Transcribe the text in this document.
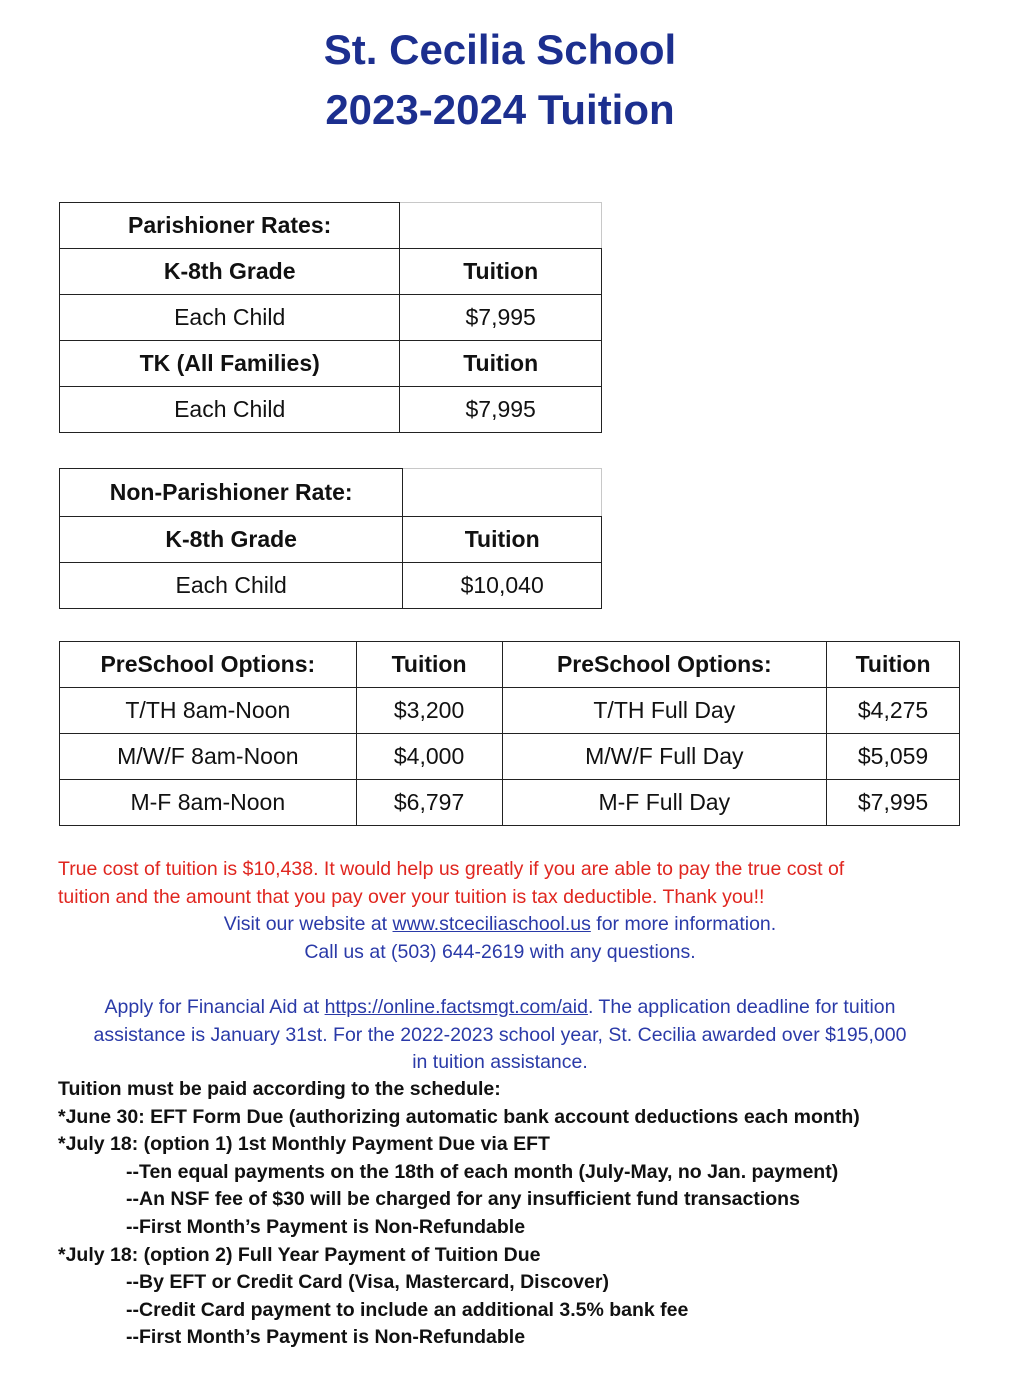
St. Cecilia School
2023-2024 Tuition
Parishioner Rates:	
K-8th Grade	Tuition
Each Child	$7,995
TK (All Families)	Tuition
Each Child	$7,995
Non-Parishioner Rate:	
K-8th Grade	Tuition
Each Child	$10,040
PreSchool Options:	Tuition	PreSchool Options:	Tuition
T/TH 8am-Noon	$3,200	T/TH Full Day	$4,275
M/W/F 8am-Noon	$4,000	M/W/F Full Day	$5,059
M-F 8am-Noon	$6,797	M-F Full Day	$7,995
True cost of tuition is $10,438. It would help us greatly if you are able to pay the true cost of
tuition and the amount that you pay over your tuition is tax deductible. Thank you!!
Visit our website at www.stceciliaschool.us for more information.
Call us at (503) 644-2619 with any questions.
Apply for Financial Aid at https://online.factsmgt.com/aid. The application deadline for tuition
assistance is January 31st. For the 2022-2023 school year, St. Cecilia awarded over $195,000
in tuition assistance.
Tuition must be paid according to the schedule:
*June 30: EFT Form Due (authorizing automatic bank account deductions each month)
*July 18: (option 1) 1st Monthly Payment Due via EFT
--Ten equal payments on the 18th of each month (July-May, no Jan. payment)
--An NSF fee of $30 will be charged for any insufficient fund transactions
--First Month’s Payment is Non-Refundable
*July 18: (option 2) Full Year Payment of Tuition Due
--By EFT or Credit Card (Visa, Mastercard, Discover)
--Credit Card payment to include an additional 3.5% bank fee
--First Month’s Payment is Non-Refundable
